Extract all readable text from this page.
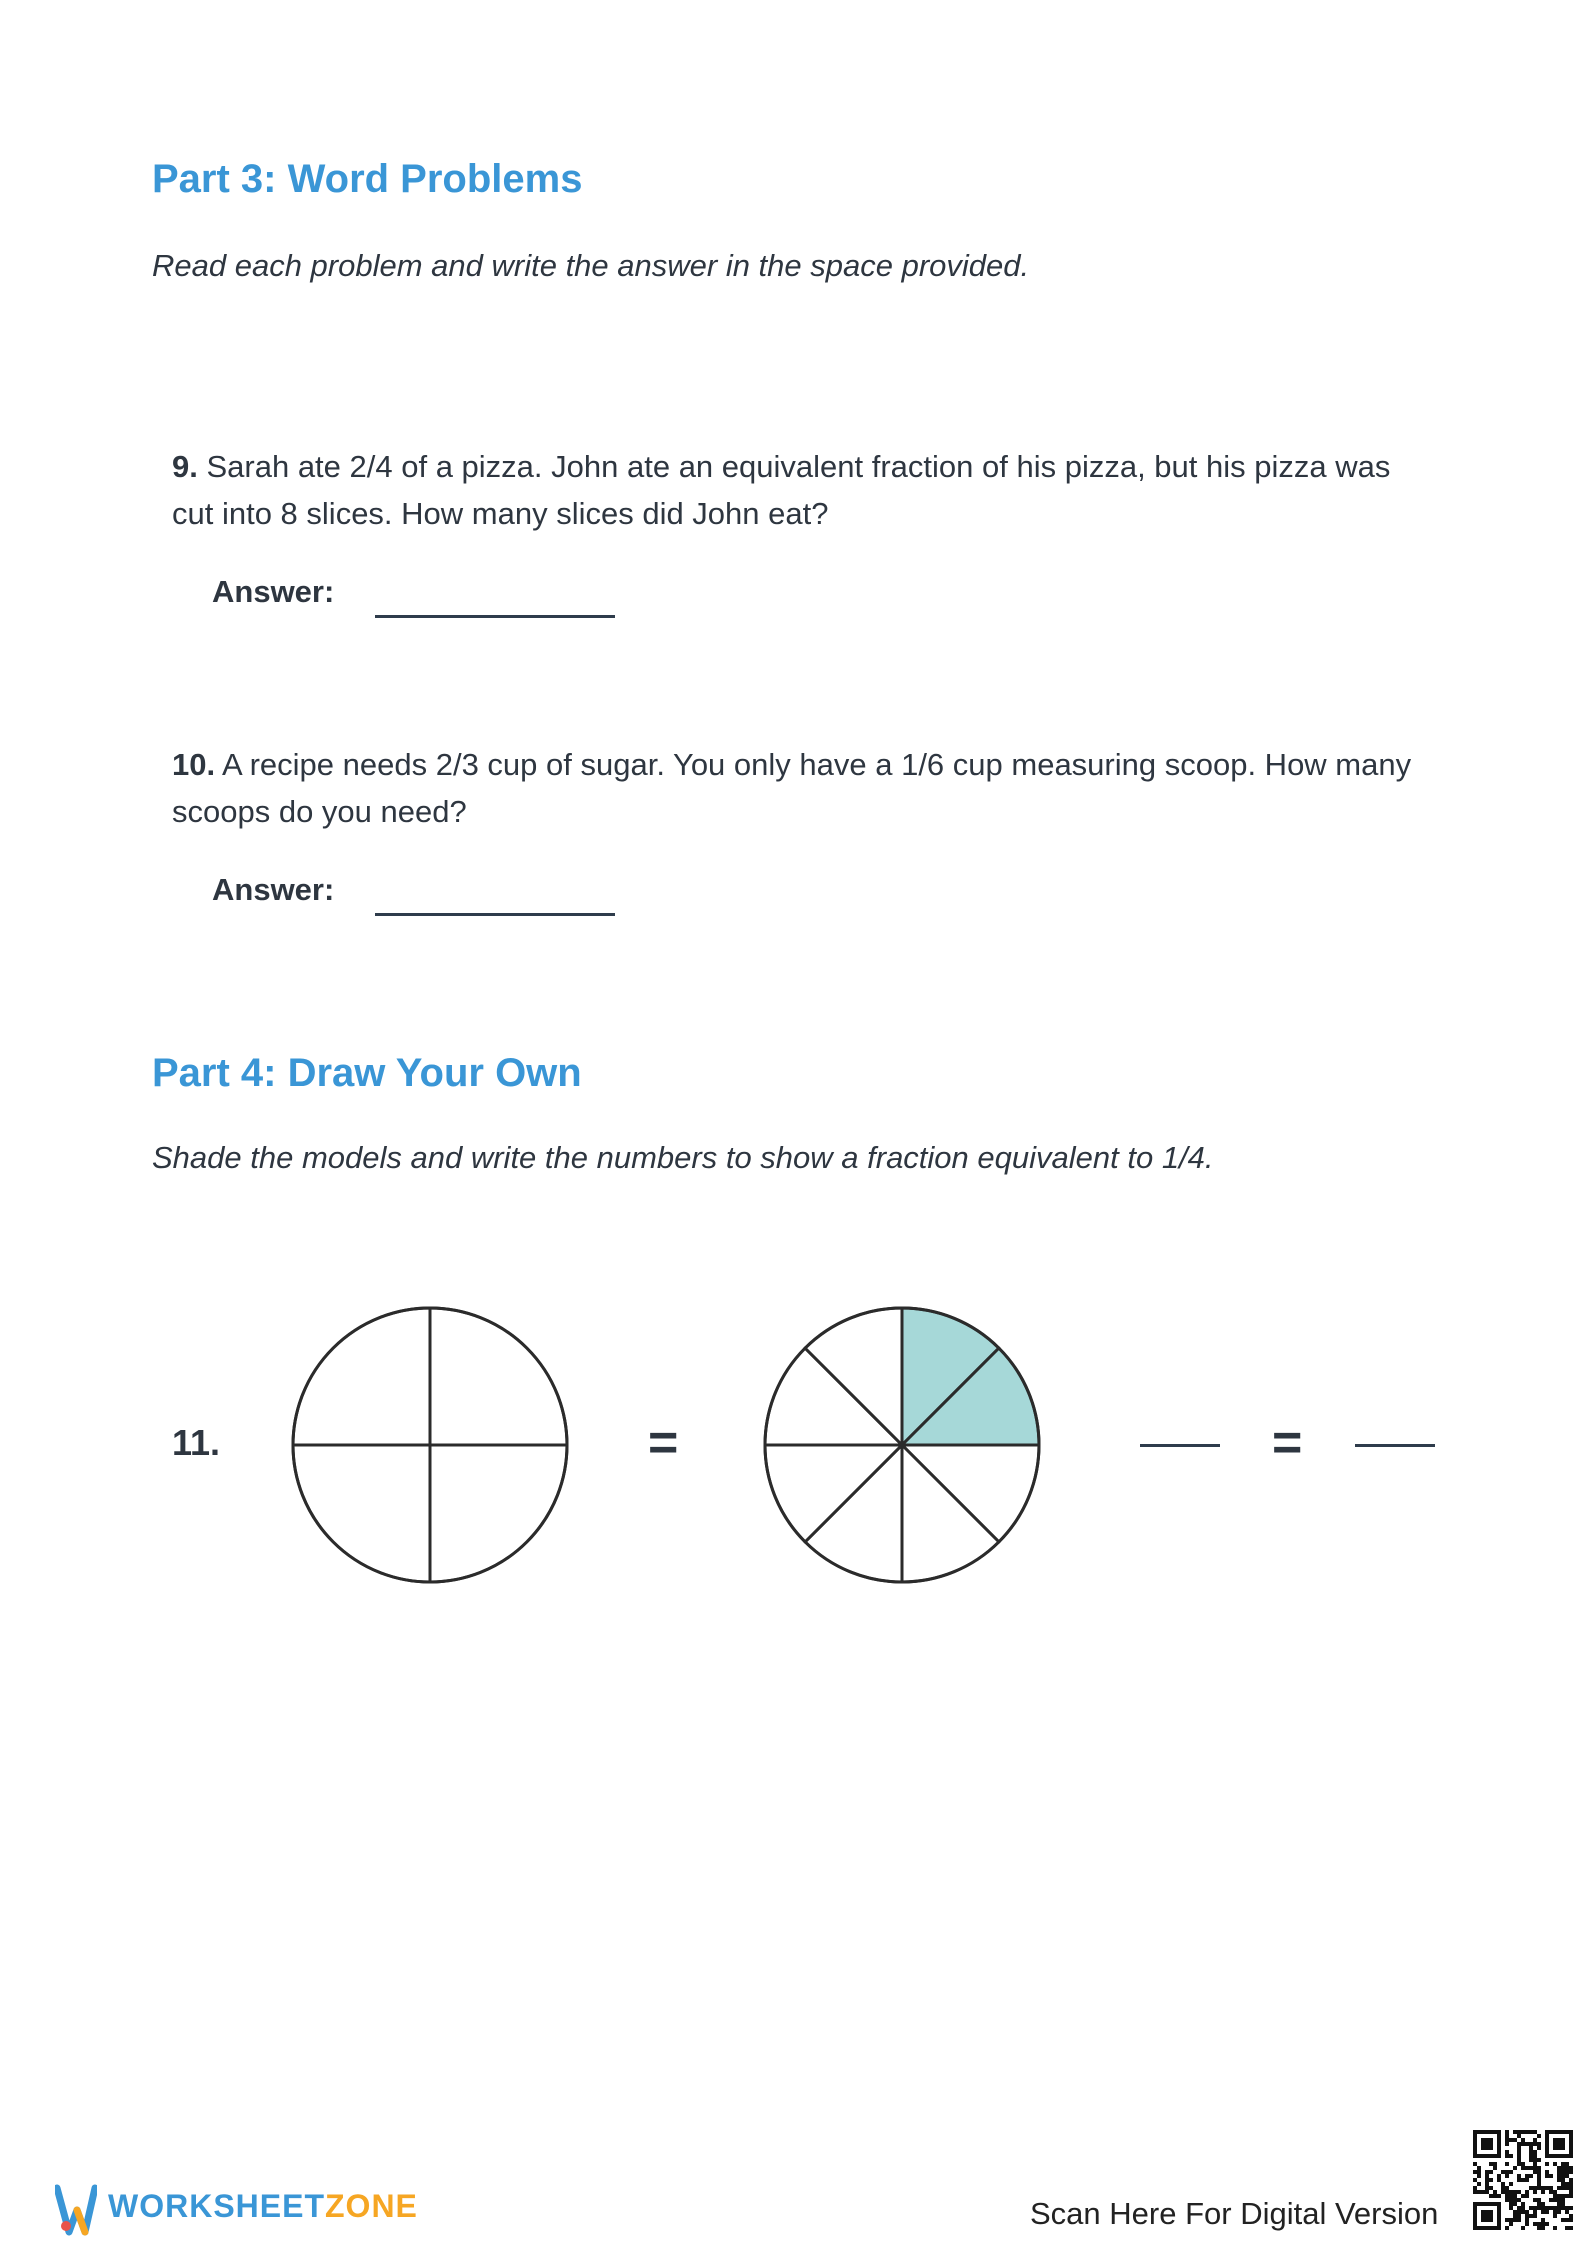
Part 3: Word Problems
Read each problem and write the answer in the space provided.
9. Sarah ate 2/4 of a pizza. John ate an equivalent fraction of his pizza, but his pizza was cut into 8 slices. How many slices did John eat?
Answer:
10. A recipe needs 2/3 cup of sugar. You only have a 1/6 cup measuring scoop. How many scoops do you need?
Answer:
Part 4: Draw Your Own
Shade the models and write the numbers to show a fraction equivalent to 1/4.
11.	=	=
WORKSHEETZONE	Scan Here For Digital Version
